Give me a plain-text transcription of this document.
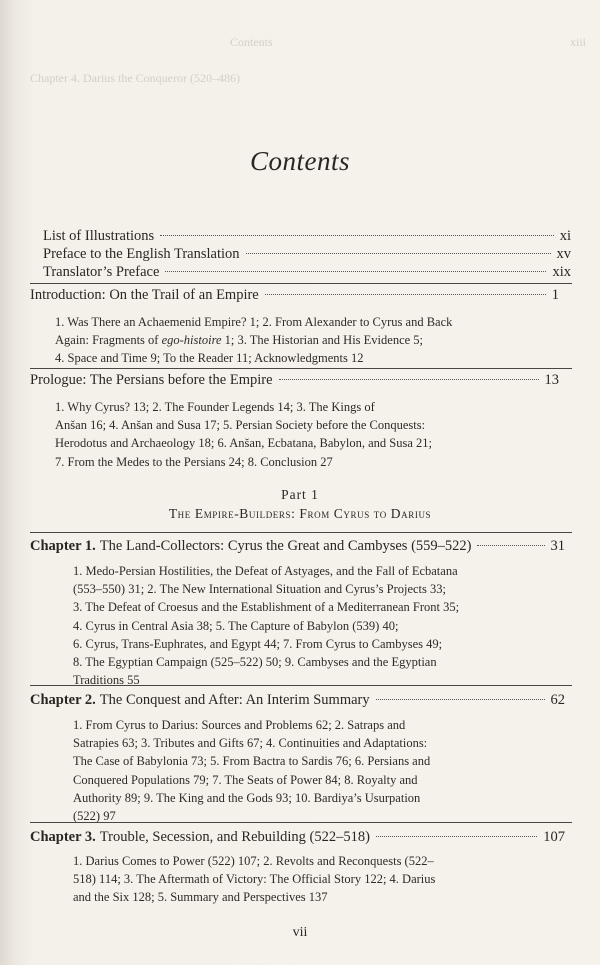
Contents	xiii
Chapter 4. Darius the Conqueror (520–486)
Contents
List of Illustrations	xi
Preface to the English Translation	xv
Translator’s Preface	xix
Introduction: On the Trail of an Empire	1
1. Was There an Achaemenid Empire? 1; 2. From Alexander to Cyrus and Back
Again: Fragments of ego-histoire 1; 3. The Historian and His Evidence 5;
4. Space and Time 9; To the Reader 11; Acknowledgments 12
Prologue: The Persians before the Empire	13
1. Why Cyrus? 13; 2. The Founder Legends 14; 3. The Kings of
Anšan 16; 4. Anšan and Susa 17; 5. Persian Society before the Conquests:
Herodotus and Archaeology 18; 6. Anšan, Ecbatana, Babylon, and Susa 21;
7. From the Medes to the Persians 24; 8. Conclusion 27
Part 1
The Empire-Builders: From Cyrus to Darius
Chapter 1. The Land-Collectors: Cyrus the Great and Cambyses (559–522)	31
1. Medo-Persian Hostilities, the Defeat of Astyages, and the Fall of Ecbatana
(553–550) 31; 2. The New International Situation and Cyrus’s Projects 33;
3. The Defeat of Croesus and the Establishment of a Mediterranean Front 35;
4. Cyrus in Central Asia 38; 5. The Capture of Babylon (539) 40;
6. Cyrus, Trans-Euphrates, and Egypt 44; 7. From Cyrus to Cambyses 49;
8. The Egyptian Campaign (525–522) 50; 9. Cambyses and the Egyptian
Traditions 55
Chapter 2. The Conquest and After: An Interim Summary	62
1. From Cyrus to Darius: Sources and Problems 62; 2. Satraps and
Satrapies 63; 3. Tributes and Gifts 67; 4. Continuities and Adaptations:
The Case of Babylonia 73; 5. From Bactra to Sardis 76; 6. Persians and
Conquered Populations 79; 7. The Seats of Power 84; 8. Royalty and
Authority 89; 9. The King and the Gods 93; 10. Bardiya’s Usurpation
(522) 97
Chapter 3. Trouble, Secession, and Rebuilding (522–518)	107
1. Darius Comes to Power (522) 107; 2. Revolts and Reconquests (522–
518) 114; 3. The Aftermath of Victory: The Official Story 122; 4. Darius
and the Six 128; 5. Summary and Perspectives 137
vii
